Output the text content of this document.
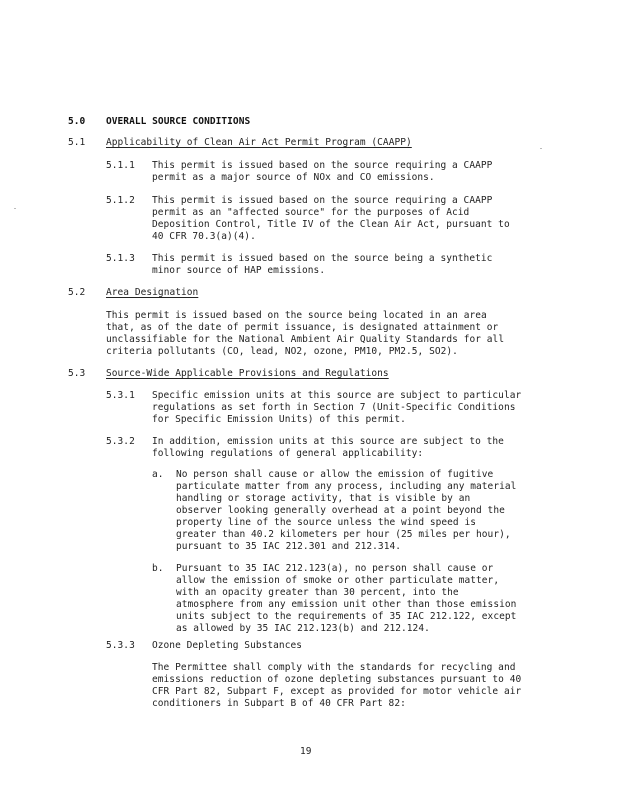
5.0 OVERALL SOURCE CONDITIONS
5.1 Applicability of Clean Air Act Permit Program (CAAPP)
5.1.1 This permit is issued based on the source requiring a CAAPP
permit as a major source of NOx and CO emissions.
5.1.2 This permit is issued based on the source requiring a CAAPP
permit as an "affected source" for the purposes of Acid
Deposition Control, Title IV of the Clean Air Act, pursuant to
40 CFR 70.3(a)(4).
5.1.3 This permit is issued based on the source being a synthetic
minor source of HAP emissions.
5.2 Area Designation
This permit is issued based on the source being located in an area
that, as of the date of permit issuance, is designated attainment or
unclassifiable for the National Ambient Air Quality Standards for all
criteria pollutants (CO, lead, NO2, ozone, PM10, PM2.5, SO2).
5.3 Source-Wide Applicable Provisions and Regulations
5.3.1 Specific emission units at this source are subject to particular
regulations as set forth in Section 7 (Unit-Specific Conditions
for Specific Emission Units) of this permit.
5.3.2 In addition, emission units at this source are subject to the
following regulations of general applicability:
a. No person shall cause or allow the emission of fugitive
particulate matter from any process, including any material
handling or storage activity, that is visible by an
observer looking generally overhead at a point beyond the
property line of the source unless the wind speed is
greater than 40.2 kilometers per hour (25 miles per hour),
pursuant to 35 IAC 212.301 and 212.314.
b. Pursuant to 35 IAC 212.123(a), no person shall cause or
allow the emission of smoke or other particulate matter,
with an opacity greater than 30 percent, into the
atmosphere from any emission unit other than those emission
units subject to the requirements of 35 IAC 212.122, except
as allowed by 35 IAC 212.123(b) and 212.124.
5.3.3 Ozone Depleting Substances
The Permittee shall comply with the standards for recycling and
emissions reduction of ozone depleting substances pursuant to 40
CFR Part 82, Subpart F, except as provided for motor vehicle air
conditioners in Subpart B of 40 CFR Part 82:
19
